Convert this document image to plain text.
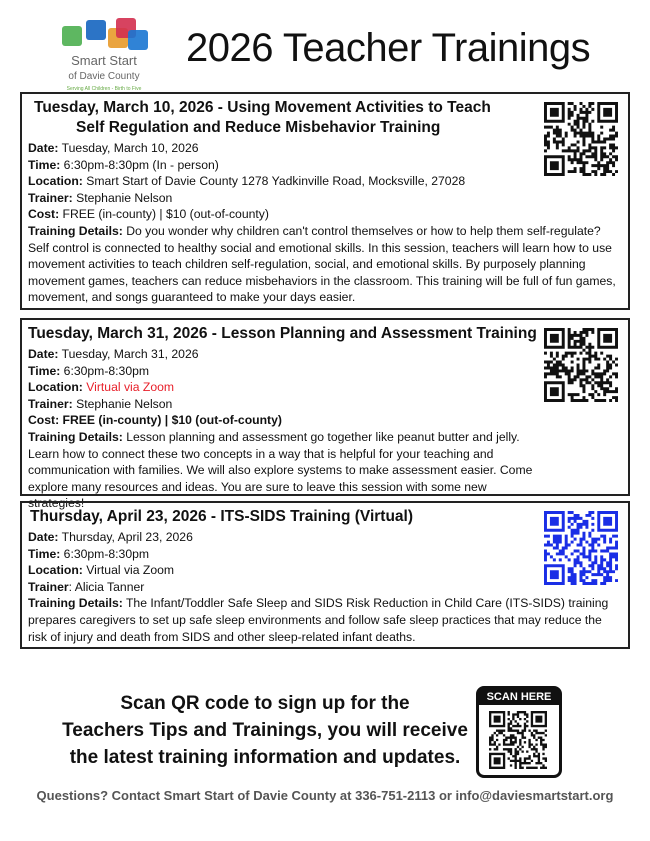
Smart Start
of Davie County
Serving All Children - Birth to Five
2026 Teacher Trainings
Tuesday, March 10, 2026 - Using Movement Activities to Teach
Self Regulation and Reduce Misbehavior Training
Date: Tuesday, March 10, 2026
Time: 6:30pm-8:30pm (In - person)
Location: Smart Start of Davie County 1278 Yadkinville Road, Mocksville, 27028
Trainer: Stephanie Nelson
Cost: FREE (in-county) | $10 (out-of-county)
Training Details: Do you wonder why children can't control themselves or how to help them self-regulate? Self control is connected to healthy social and emotional skills. In this session, teachers will learn how to use movement activities to teach children self-regulation, social, and emotional skills. By purposely planning movement games, teachers can reduce misbehaviors in the classroom. This training will be full of fun games, movement, and songs guaranteed to make your days easier.
Tuesday, March 31, 2026 - Lesson Planning and Assessment Training
Date: Tuesday, March 31, 2026
Time: 6:30pm-8:30pm
Location: Virtual via Zoom
Trainer: Stephanie Nelson
Cost: FREE (in-county) | $10 (out-of-county)
Training Details: Lesson planning and assessment go together like peanut butter and jelly. Learn how to connect these two concepts in a way that is helpful for your teaching and communication with families. We will also explore systems to make assessment easier. Come explore many resources and ideas. You are sure to leave this session with some new strategies!
Thursday, April 23, 2026 - ITS-SIDS Training (Virtual)
Date: Thursday, April 23, 2026
Time: 6:30pm-8:30pm
Location: Virtual via Zoom
Trainer: Alicia Tanner
Training Details: The Infant/Toddler Safe Sleep and SIDS Risk Reduction in Child Care (ITS-SIDS) training prepares caregivers to set up safe sleep environments and follow safe sleep practices that may reduce the risk of injury and death from SIDS and other sleep-related infant deaths.
Scan QR code to sign up for the
Teachers Tips and Trainings, you will receive
the latest training information and updates.
SCAN HERE
Questions? Contact Smart Start of Davie County at 336-751-2113 or info@daviesmartstart.org
